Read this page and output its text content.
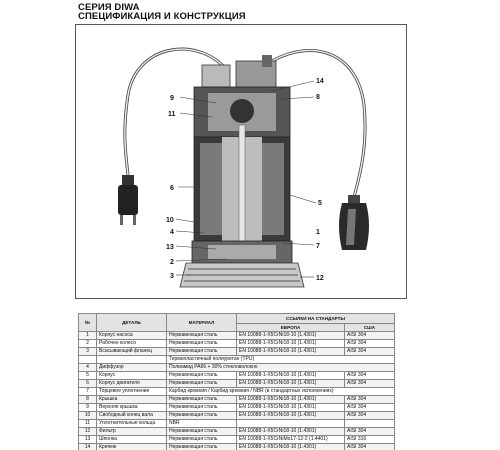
СЕРИЯ DIWA
СПЕЦИФИКАЦИЯ И КОНСТРУКЦИЯ
9
11
6
10
4
13
2
3
14
8
5
1
7
12
№	ДЕТАЛЬ	МАТЕРИАЛ	ССЫЛКИ НА СТАНДАРТЫ	
			ЕВРОПА	США
1	Корпус насоса	Нержавеющая сталь	EN 10088-1-X5CrNi18-10 (1.4301)	AISI 304
2	Рабочее колесо	Нержавеющая сталь	EN 10088-1-X5CrNi18-10 (1.4301)	AISI 304
3	Всасывающий фланец	Нержавеющая сталь	EN 10088-1-X5CrNi18-10 (1.4301)	AISI 304
		Термопластичный полиуретан (TPU)		
4	Диффузор	Полиамид PA66 + 30% стекловолокно		
5	Корпус	Нержавеющая сталь	EN 10088-1-X5CrNi18-10 (1.4301)	AISI 304
6	Корпус двигателя	Нержавеющая сталь	EN 10088-1-X5CrNi18-10 (1.4301)	AISI 304
7	Торцевое уплотнение	Карбид кремния / Карбид кремния / NBR (в стандартных исполнениях)		
8	Крышка	Нержавеющая сталь	EN 10088-1-X5CrNi18-10 (1.4301)	AISI 304
9	Верхняя крышка	Нержавеющая сталь	EN 10088-1-X5CrNi18-10 (1.4301)	AISI 304
10	Свободный конец вала	Нержавеющая сталь	EN 10088-1-X5CrNi18-10 (1.4301)	AISI 304
11	Уплотнительные кольца	NBR		
12	Фильтр	Нержавеющая сталь	EN 10088-1-X5CrNi18-10 (1.4301)	AISI 304
13	Шпонка	Нержавеющая сталь	EN 10088-1-X5CrNiMo17-12-2 (1.4401)	AISI 316
14	Крепеж	Нержавеющая сталь	EN 10088-1-X5CrNi18-10 (1.4301)	AISI 304
